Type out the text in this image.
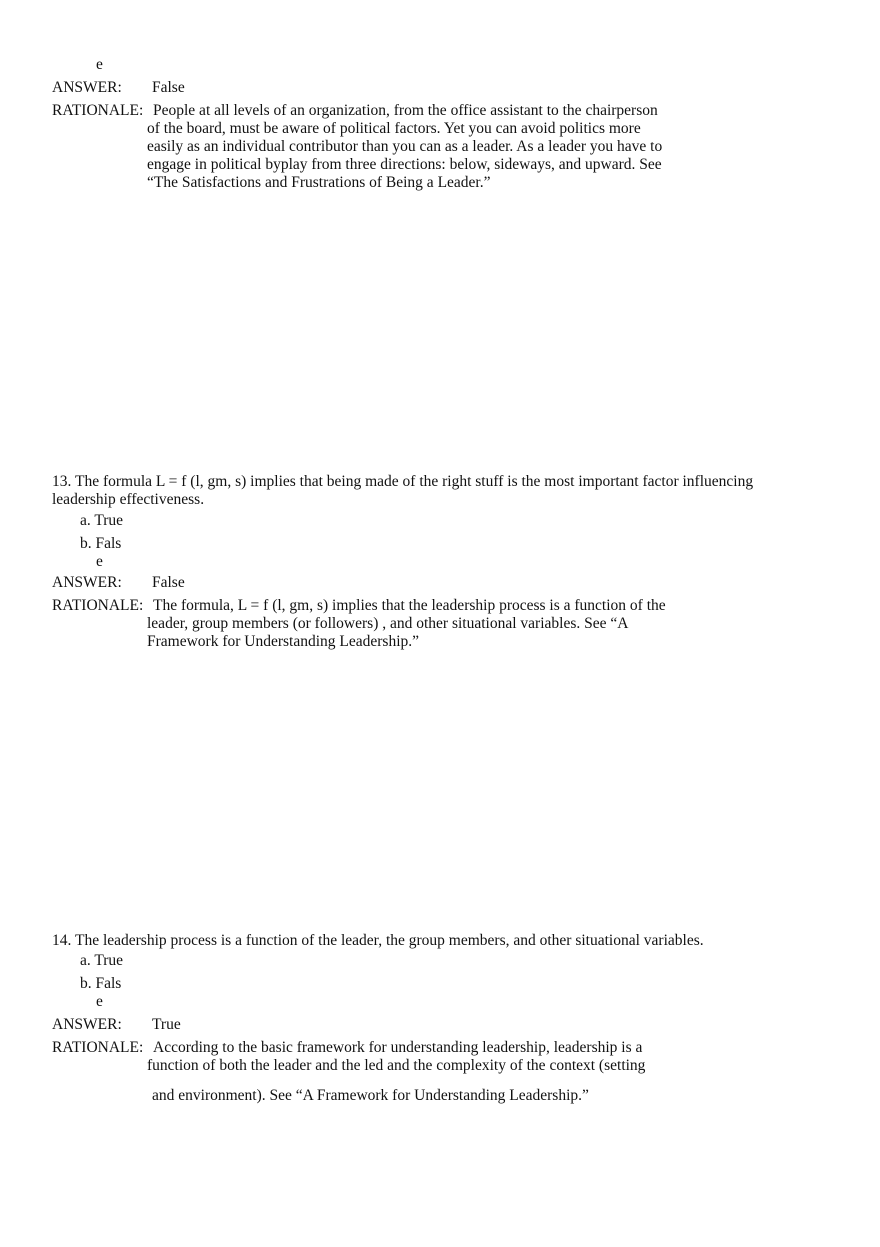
e
ANSWER: False
RATIONALE: People at all levels of an organization, from the office assistant to the chairperson
of the board, must be aware of political factors. Yet you can avoid politics more
easily as an individual contributor than you can as a leader. As a leader you have to
engage in political byplay from three directions: below, sideways, and upward. See
“The Satisfactions and Frustrations of Being a Leader.”
13. The formula L = f (l, gm, s) implies that being made of the right stuff is the most important factor influencing
leadership effectiveness.
a. True
b. Fals
e
ANSWER: False
RATIONALE: The formula, L = f (l, gm, s) implies that the leadership process is a function of the
leader, group members (or followers) , and other situational variables. See “A
Framework for Understanding Leadership.”
14. The leadership process is a function of the leader, the group members, and other situational variables.
a. True
b. Fals
e
ANSWER: True
RATIONALE: According to the basic framework for understanding leadership, leadership is a
function of both the leader and the led and the complexity of the context (setting
and environment). See “A Framework for Understanding Leadership.”
